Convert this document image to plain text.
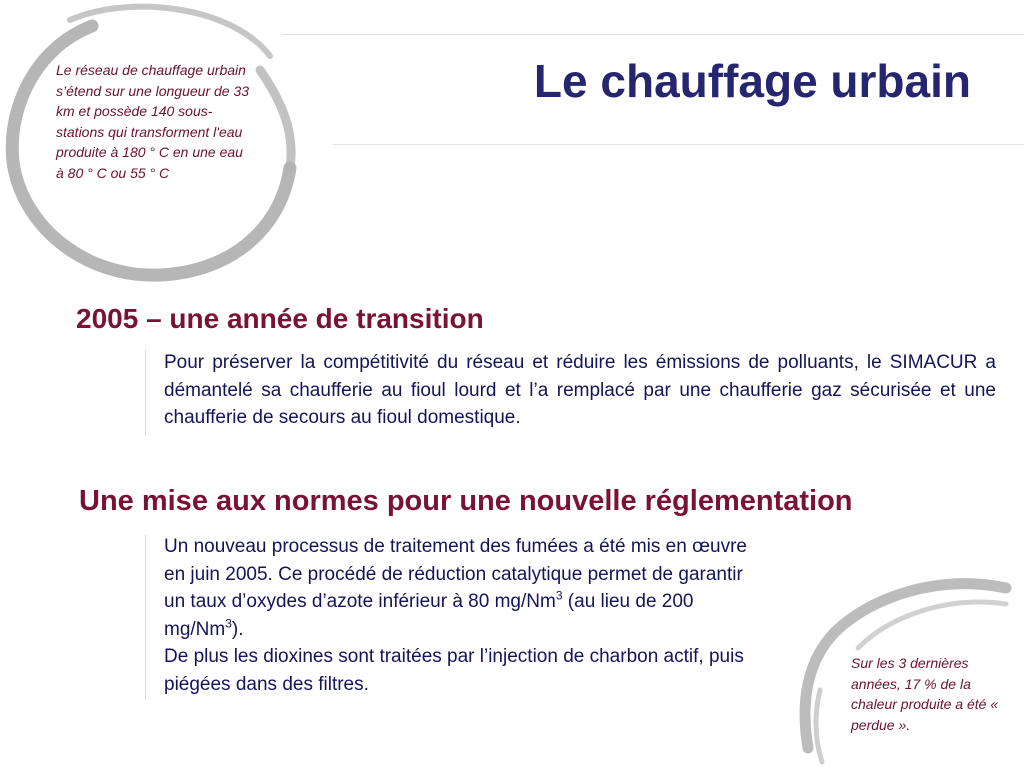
Le chauffage urbain

Le réseau de chauffage urbain s’étend sur une longueur de 33 km et possède 140 sous-stations qui transforment l'eau produite à 180 ° C en une eau à 80 ° C ou 55 ° C

2005 – une année de transition

Pour préserver la compétitivité du réseau et réduire les émissions de polluants, le SIMACUR a démantelé sa chaufferie au fioul lourd et l’a remplacé par une chaufferie gaz sécurisée et une chaufferie de secours au fioul domestique.

Une mise aux normes pour une nouvelle réglementation

Un nouveau processus de traitement des fumées a été mis en œuvre en juin 2005. Ce procédé de réduction catalytique permet de garantir un taux d’oxydes d’azote inférieur à 80 mg/Nm$^3$ (au lieu de 200 mg/Nm$^3$).
De plus les dioxines sont traitées par l’injection de charbon actif, puis piégées dans des filtres.

Sur les 3 dernières années, 17 % de la chaleur produite a été « perdue ».
